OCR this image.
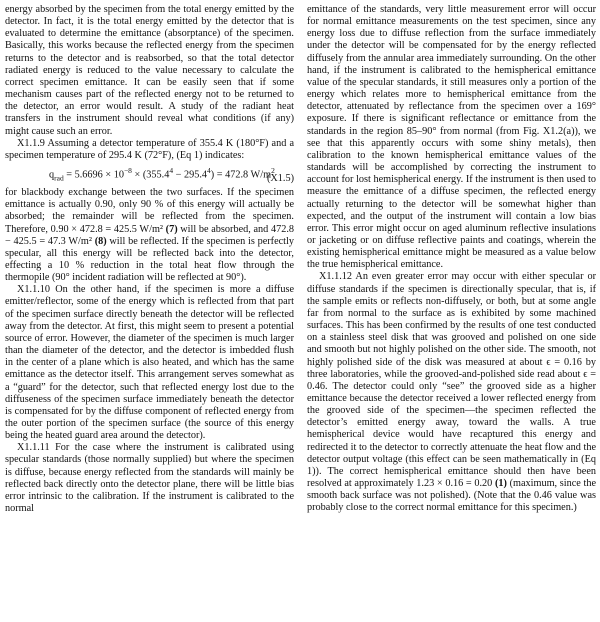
energy absorbed by the specimen from the total energy emitted by the detector. In fact, it is the total energy emitted by the detector that is evaluated to determine the emittance (absorptance) of the specimen. Basically, this works because the reflected energy from the specimen returns to the detector and is reabsorbed, so that the total detector radiated energy is reduced to the value necessary to calculate the correct specimen emittance. It can be easily seen that if some mechanism causes part of the reflected energy not to be returned to the detector, an error would result. A study of the radiant heat transfers in the instrument should reveal what conditions (if any) might cause such an error.

X1.1.9 Assuming a detector temperature of 355.4 K (180°F) and a specimen temperature of 295.4 K (72°F), (Eq 1) indicates:

$q_{rad} = 5.6696 \times 10^{-8} \times (355.4^4 - 295.4^4) = 472.8$ $W/m^2$
(X1.5)

for blackbody exchange between the two surfaces. If the specimen emittance is actually 0.90, only 90 % of this energy will actually be absorbed; the remainder will be reflected from the specimen. Therefore, 0.90 × 472.8 = 425.5 W/m² (7) will be absorbed, and 472.8 − 425.5 = 47.3 W/m² (8) will be reflected. If the specimen is perfectly specular, all this energy will be reflected back into the detector, effecting a 10 % reduction in the total heat flow through the thermopile (90° incident radiation will be reflected at 90°).

X1.1.10 On the other hand, if the specimen is more a diffuse emitter/reflector, some of the energy which is reflected from that part of the specimen surface directly beneath the detector will be reflected away from the detector. At first, this might seem to present a potential source of error. However, the diameter of the specimen is much larger than the diameter of the detector, and the detector is imbedded flush in the center of a plane which is also heated, and which has the same emittance as the detector itself. This arrangement serves somewhat as a “guard” for the detector, such that reflected energy lost due to the diffuseness of the specimen surface immediately beneath the detector is compensated for by the diffuse component of reflected energy from the outer portion of the specimen surface (the source of this energy being the heated guard area around the detector).

X1.1.11 For the case where the instrument is calibrated using specular standards (those normally supplied) but where the specimen is diffuse, because energy reflected from the standards will mainly be reflected back directly onto the detector plane, there will be little bias error intrinsic to the calibration. If the instrument is calibrated to the normal

emittance of the standards, very little measurement error will occur for normal emittance measurements on the test specimen, since any energy loss due to diffuse reflection from the surface immediately under the detector will be compensated for by the energy reflected diffusely from the annular area immediately surrounding. On the other hand, if the instrument is calibrated to the hemispherical emittance value of the specular standards, it still measures only a portion of the energy which relates more to hemispherical emittance from the detector, attenuated by reflectance from the specimen over a 169° exposure. If there is significant reflectance or emittance from the standards in the region 85–90° from normal (from Fig. X1.2(a)), we see that this apparently occurs with some shiny metals), then calibration to the known hemispherical emittance values of the standards will be accomplished by correcting the instrument to account for lost hemispherical energy. If the instrument is then used to measure the emittance of a diffuse specimen, the reflected energy actually returning to the detector will be somewhat higher than expected, and the output of the instrument will contain a low bias error. This error might occur on aged aluminum reflective insulations or jacketing or on diffuse reflective paints and coatings, wherein the existing hemispherical emittance might be measured as a value below the true hemispherical emittance.

X1.1.12 An even greater error may occur with either specular or diffuse standards if the specimen is directionally specular, that is, if the sample emits or reflects non-diffusely, or both, but at some angle far from normal to the surface as is exhibited by some machined surfaces. This has been confirmed by the results of one test conducted on a stainless steel disk that was grooved and polished on one side and smooth but not highly polished on the other side. The smooth, not highly polished side of the disk was measured at about ϵ = 0.16 by three laboratories, while the grooved-and-polished side read about ϵ = 0.46. The detector could only “see” the grooved side as a higher emittance because the detector received a lower reflected energy from the grooved side of the specimen—the specimen reflected the detector’s emitted energy away, toward the walls. A true hemispherical device would have recaptured this energy and redirected it to the detector to correctly attenuate the heat flow and the detector output voltage (this effect can be seen mathematically in (Eq 1)). The correct hemispherical emittance should then have been resolved at approximately 1.23 × 0.16 = 0.20 (1) (maximum, since the smooth back surface was not polished). (Note that the 0.46 value was probably close to the correct normal emittance for this specimen.)
